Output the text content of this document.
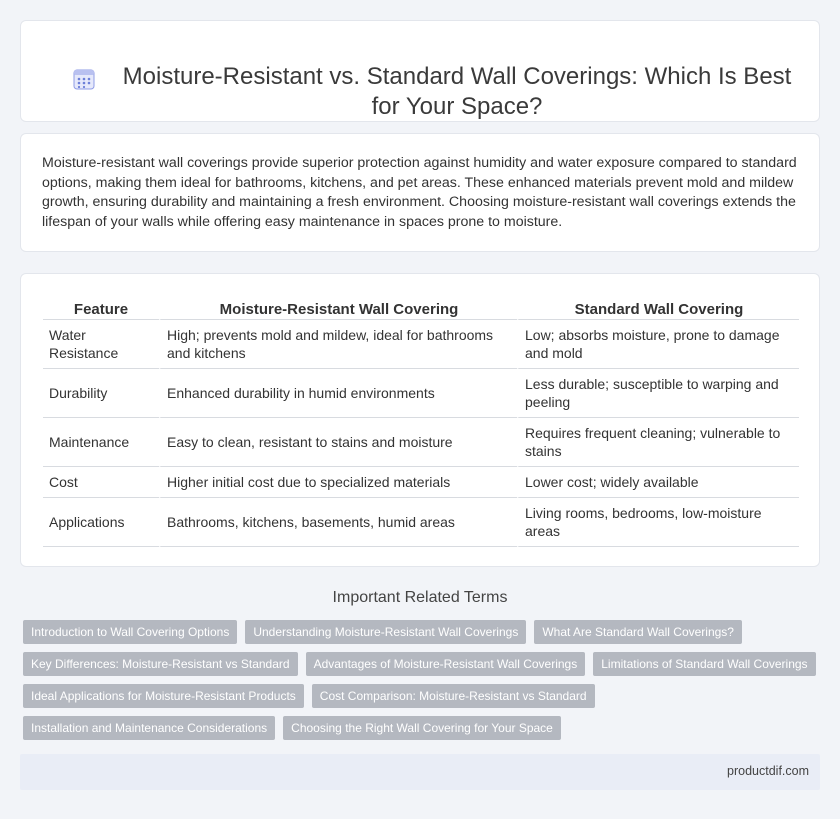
Moisture-Resistant vs. Standard Wall Coverings: Which Is Best for Your Space?

Moisture-resistant wall coverings provide superior protection against humidity and water exposure compared to standard options, making them ideal for bathrooms, kitchens, and pet areas. These enhanced materials prevent mold and mildew growth, ensuring durability and maintaining a fresh environment. Choosing moisture-resistant wall coverings extends the lifespan of your walls while offering easy maintenance in spaces prone to moisture.

Feature	Moisture-Resistant Wall Covering	Standard Wall Covering
Water Resistance	High; prevents mold and mildew, ideal for bathrooms and kitchens	Low; absorbs moisture, prone to damage and mold
Durability	Enhanced durability in humid environments	Less durable; susceptible to warping and peeling
Maintenance	Easy to clean, resistant to stains and moisture	Requires frequent cleaning; vulnerable to stains
Cost	Higher initial cost due to specialized materials	Lower cost; widely available
Applications	Bathrooms, kitchens, basements, humid areas	Living rooms, bedrooms, low-moisture areas
Important Related Terms
Introduction to Wall Covering Options	Understanding Moisture-Resistant Wall Coverings	What Are Standard Wall Coverings?
Key Differences: Moisture-Resistant vs Standard	Advantages of Moisture-Resistant Wall Coverings	Limitations of Standard Wall Coverings
Ideal Applications for Moisture-Resistant Products	Cost Comparison: Moisture-Resistant vs Standard
Installation and Maintenance Considerations	Choosing the Right Wall Covering for Your Space
productdif.com
